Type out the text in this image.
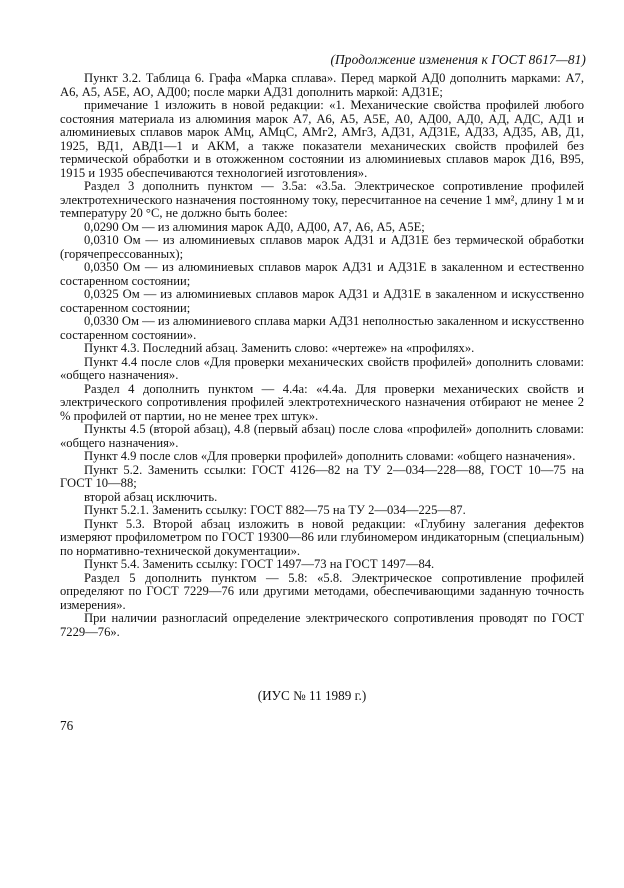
(Продолжение изменения к ГОСТ 8617—81)

Пункт 3.2. Таблица 6. Графа «Марка сплава». Перед маркой АД0 дополнить марками: А7, А6, А5, А5Е, АО, АД00; после марки АД31 дополнить маркой: АД31Е;

примечание 1 изложить в новой редакции: «1. Механические свойства профилей любого состояния материала из алюминия марок А7, А6, А5, А5Е, А0, АД00, АД0, АД, АДС, АД1 и алюминиевых сплавов марок АМц, АМцС, АМг2, АМг3, АД31, АД31Е, АД33, АД35, АВ, Д1, 1925, ВД1, АВД1—1 и АКМ, а также показатели механических свойств профилей без термической обработки и в отожженном состоянии из алюминиевых сплавов марок Д16, В95, 1915 и 1935 обеспечиваются технологией изготовления».

Раздел 3 дополнить пунктом — 3.5а: «3.5а. Электрическое сопротивление профилей электротехнического назначения постоянному току, пересчитанное на сечение 1 мм², длину 1 м и температуру 20 °С, не должно быть более:

0,0290 Ом — из алюминия марок АД0, АД00, А7, А6, А5, А5Е;

0,0310 Ом — из алюминиевых сплавов марок АД31 и АД31Е без термической обработки (горячепрессованных);

0,0350 Ом — из алюминиевых сплавов марок АД31 и АД31Е в закаленном и естественно состаренном состоянии;

0,0325 Ом — из алюминиевых сплавов марок АД31 и АД31Е в закаленном и искусственно состаренном состоянии;

0,0330 Ом — из алюминиевого сплава марки АД31 неполностью закаленном и искусственно состаренном состоянии».

Пункт 4.3. Последний абзац. Заменить слово: «чертеже» на «профилях».

Пункт 4.4 после слов «Для проверки механических свойств профилей» дополнить словами: «общего назначения».

Раздел 4 дополнить пунктом — 4.4а: «4.4а. Для проверки механических свойств и электрического сопротивления профилей электротехнического назначения отбирают не менее 2 % профилей от партии, но не менее трех штук».

Пункты 4.5 (второй абзац), 4.8 (первый абзац) после слова «профилей» дополнить словами: «общего назначения».

Пункт 4.9 после слов «Для проверки профилей» дополнить словами: «общего назначения».

Пункт 5.2. Заменить ссылки: ГОСТ 4126—82 на ТУ 2—034—228—88, ГОСТ 10—75 на ГОСТ 10—88;

второй абзац исключить.

Пункт 5.2.1. Заменить ссылку: ГОСТ 882—75 на ТУ 2—034—225—87.

Пункт 5.3. Второй абзац изложить в новой редакции: «Глубину залегания дефектов измеряют профилометром по ГОСТ 19300—86 или глубиномером индикаторным (специальным) по нормативно-технической документации».

Пункт 5.4. Заменить ссылку: ГОСТ 1497—73 на ГОСТ 1497—84.

Раздел 5 дополнить пунктом — 5.8: «5.8. Электрическое сопротивление профилей определяют по ГОСТ 7229—76 или другими методами, обеспечивающими заданную точность измерения».

При наличии разногласий определение электрического сопротивления проводят по ГОСТ 7229—76».

(ИУС № 11 1989 г.)
76
